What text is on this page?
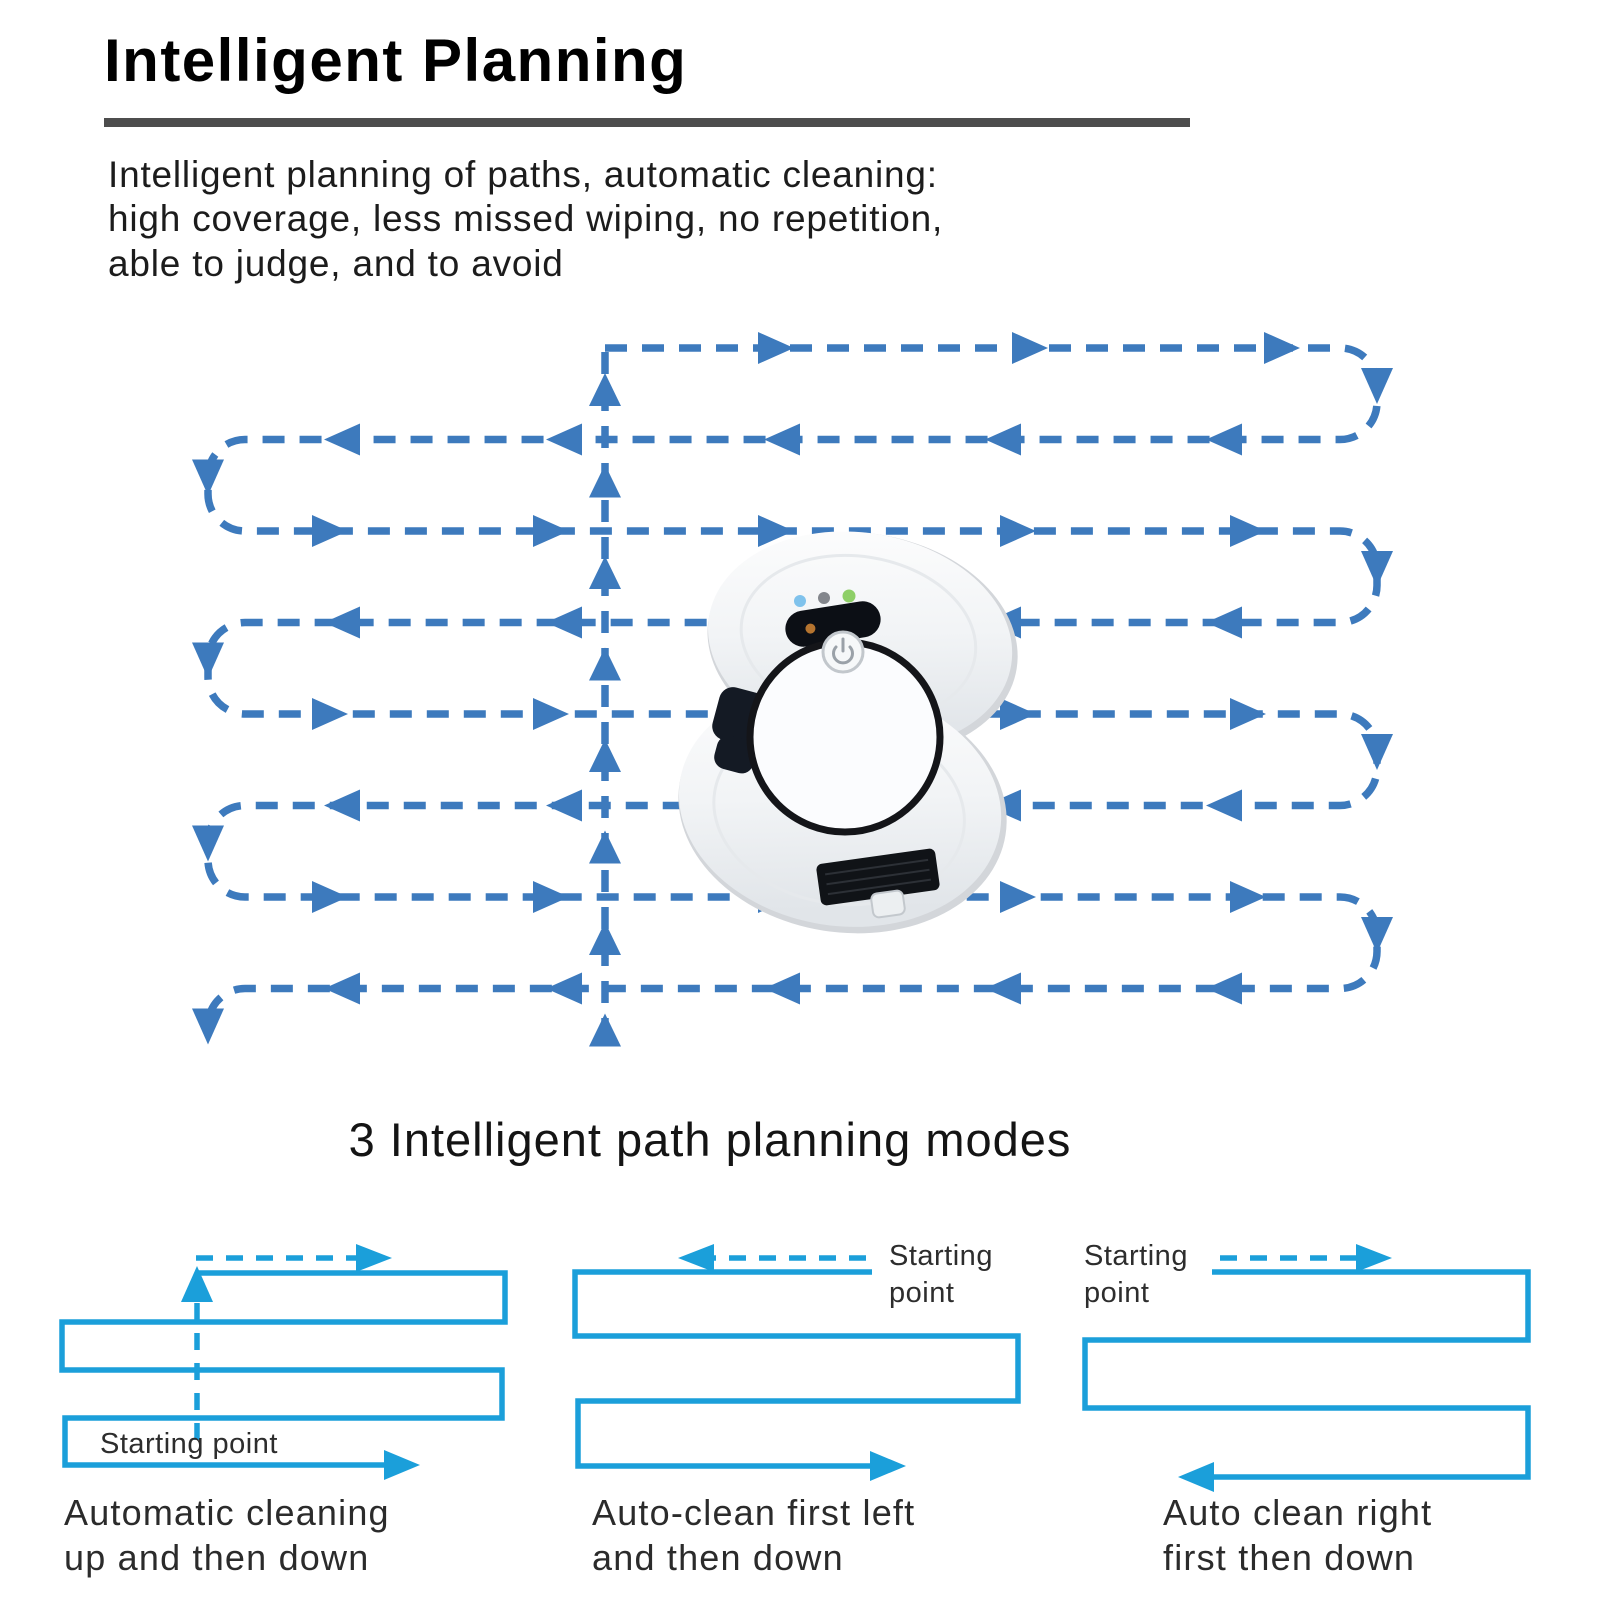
Intelligent Planning
Intelligent planning of paths, automatic cleaning:
high coverage, less missed wiping, no repetition,
able to judge, and to avoid
3 Intelligent path planning modes
Starting point
Starting
point
Starting
point
Automatic cleaning
up and then down
Auto-clean first left
and then down
Auto clean right
first then down
